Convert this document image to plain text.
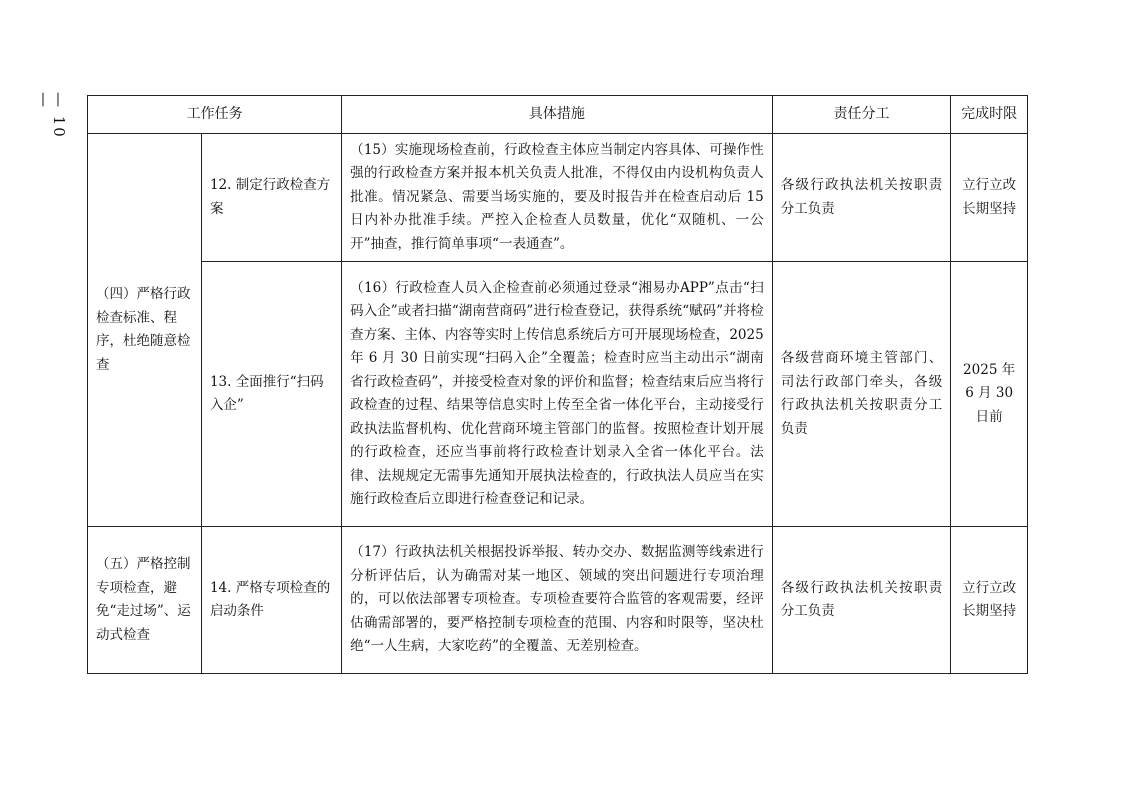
— 10 —
工作任务		具体措施	责任分工	完成时限
（四）严格行政检查标准、程序，杜绝随意检查	12. 制定行政检查方案	（15）实施现场检查前，行政检查主体应当制定内容具体、可操作性强的行政检查方案并报本机关负责人批准，不得仅由内设机构负责人批准。情况紧急、需要当场实施的，要及时报告并在检查启动后 15 日内补办批准手续。严控入企检查人员数量，优化“双随机、一公开”抽查，推行简单事项“一表通查”。	各级行政执法机关按职责分工负责	立行立改长期坚持
	13. 全面推行“扫码入企”	（16）行政检查人员入企检查前必须通过登录“湘易办APP”点击“扫码入企”或者扫描“湖南营商码”进行检查登记，获得系统“赋码”并将检查方案、主体、内容等实时上传信息系统后方可开展现场检查，2025 年 6 月 30 日前实现“扫码入企”全覆盖；检查时应当主动出示“湖南省行政检查码”，并接受检查对象的评价和监督；检查结束后应当将行政检查的过程、结果等信息实时上传至全省一体化平台，主动接受行政执法监督机构、优化营商环境主管部门的监督。按照检查计划开展的行政检查，还应当事前将行政检查计划录入全省一体化平台。法律、法规规定无需事先通知开展执法检查的，行政执法人员应当在实施行政检查后立即进行检查登记和记录。	各级营商环境主管部门、司法行政部门牵头，各级行政执法机关按职责分工负责	2025 年 6 月 30 日前
（五）严格控制专项检查，避免“走过场”、运动式检查	14. 严格专项检查的启动条件	（17）行政执法机关根据投诉举报、转办交办、数据监测等线索进行分析评估后，认为确需对某一地区、领域的突出问题进行专项治理的，可以依法部署专项检查。专项检查要符合监管的客观需要，经评估确需部署的，要严格控制专项检查的范围、内容和时限等，坚决杜绝“一人生病，大家吃药”的全覆盖、无差别检查。	各级行政执法机关按职责分工负责	立行立改长期坚持
